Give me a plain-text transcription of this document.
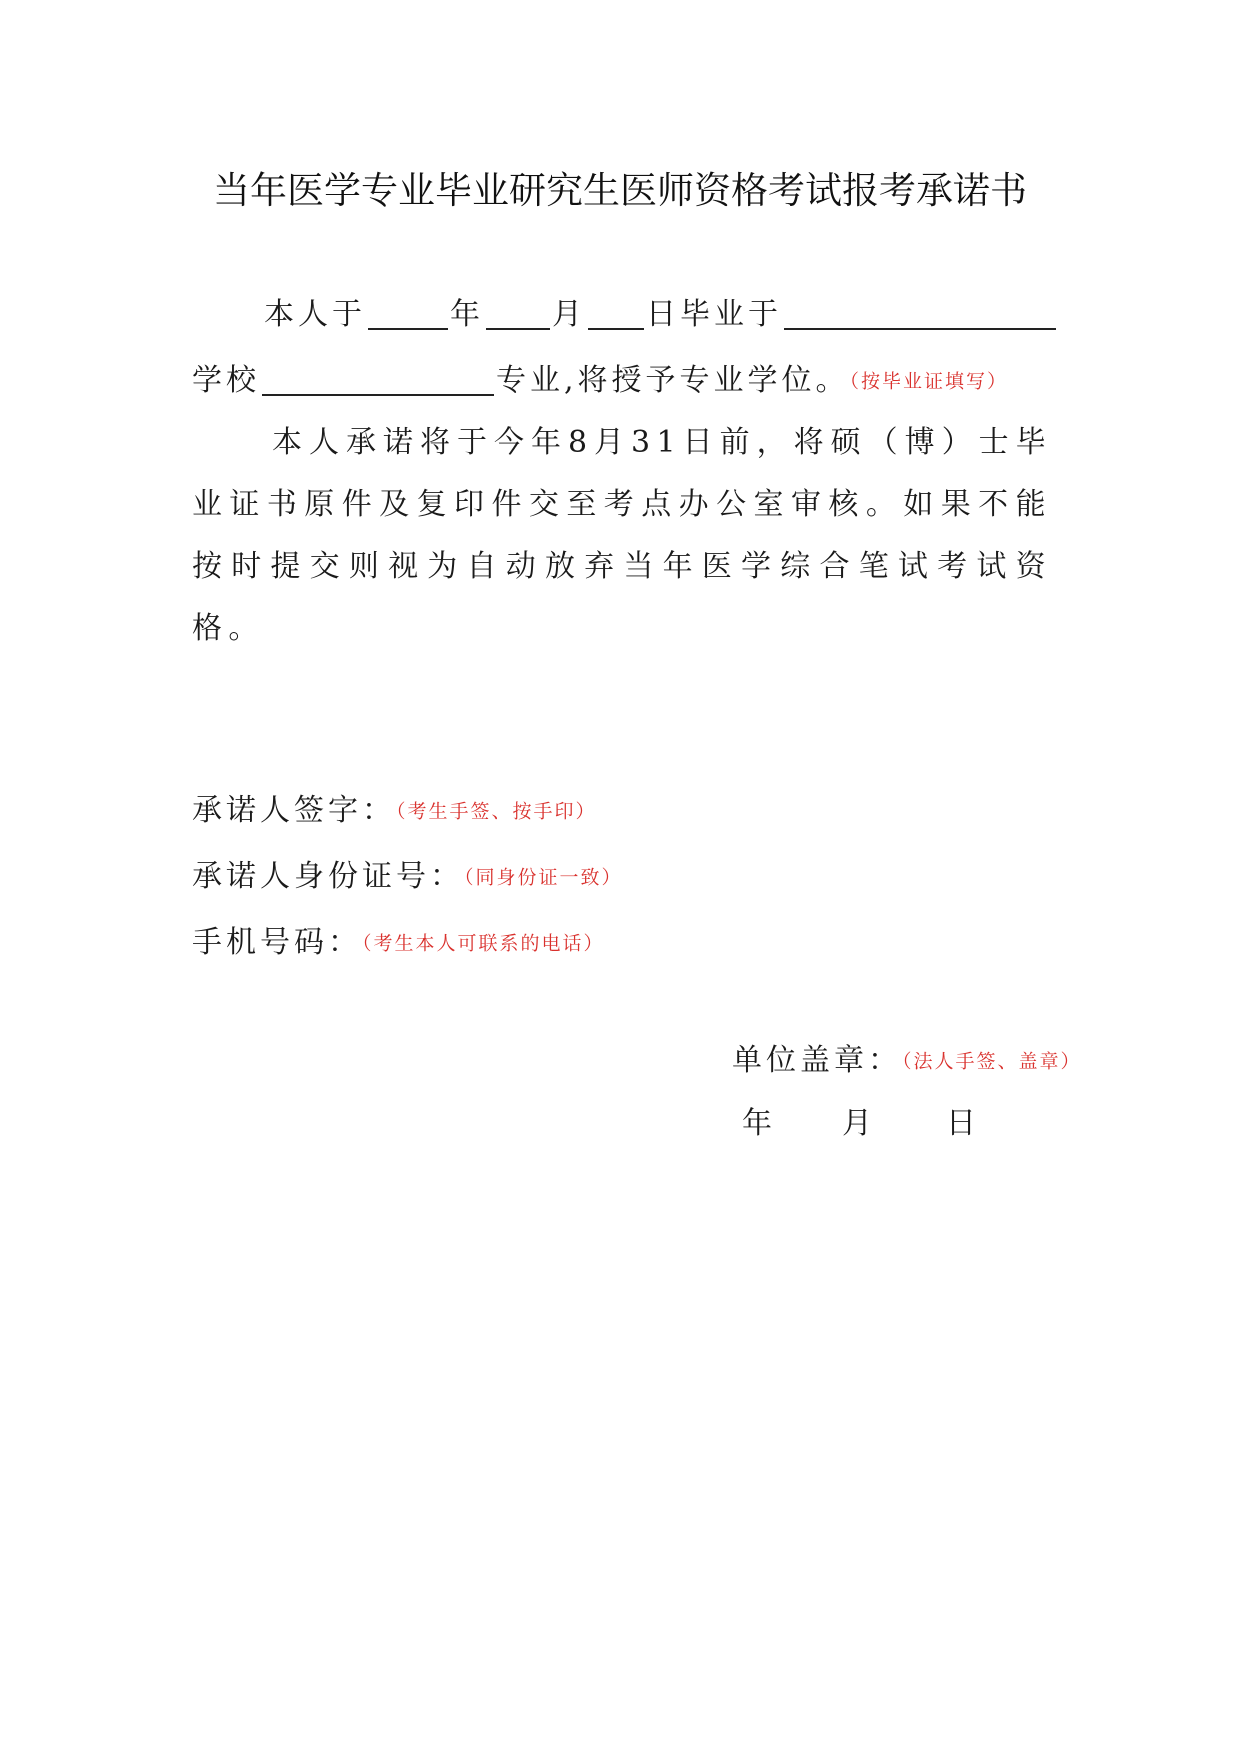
当年医学专业毕业研究生医师资格考试报考承诺书
本人于	年 月 日毕业于
学校	专业,将授予专业学位。（按毕业证填写）
本人承诺将于今年8月31日前，将硕（博）士毕业证书原件及复印件交至考点办公室审核。如果不能按时提交则视为自动放弃当年医学综合笔试考试资格。
承诺人签字：（考生手签、按手印）
承诺人身份证号：（同身份证一致）
手机号码：（考生本人可联系的电话）
单位盖章：（法人手签、盖章）
年 月 日
